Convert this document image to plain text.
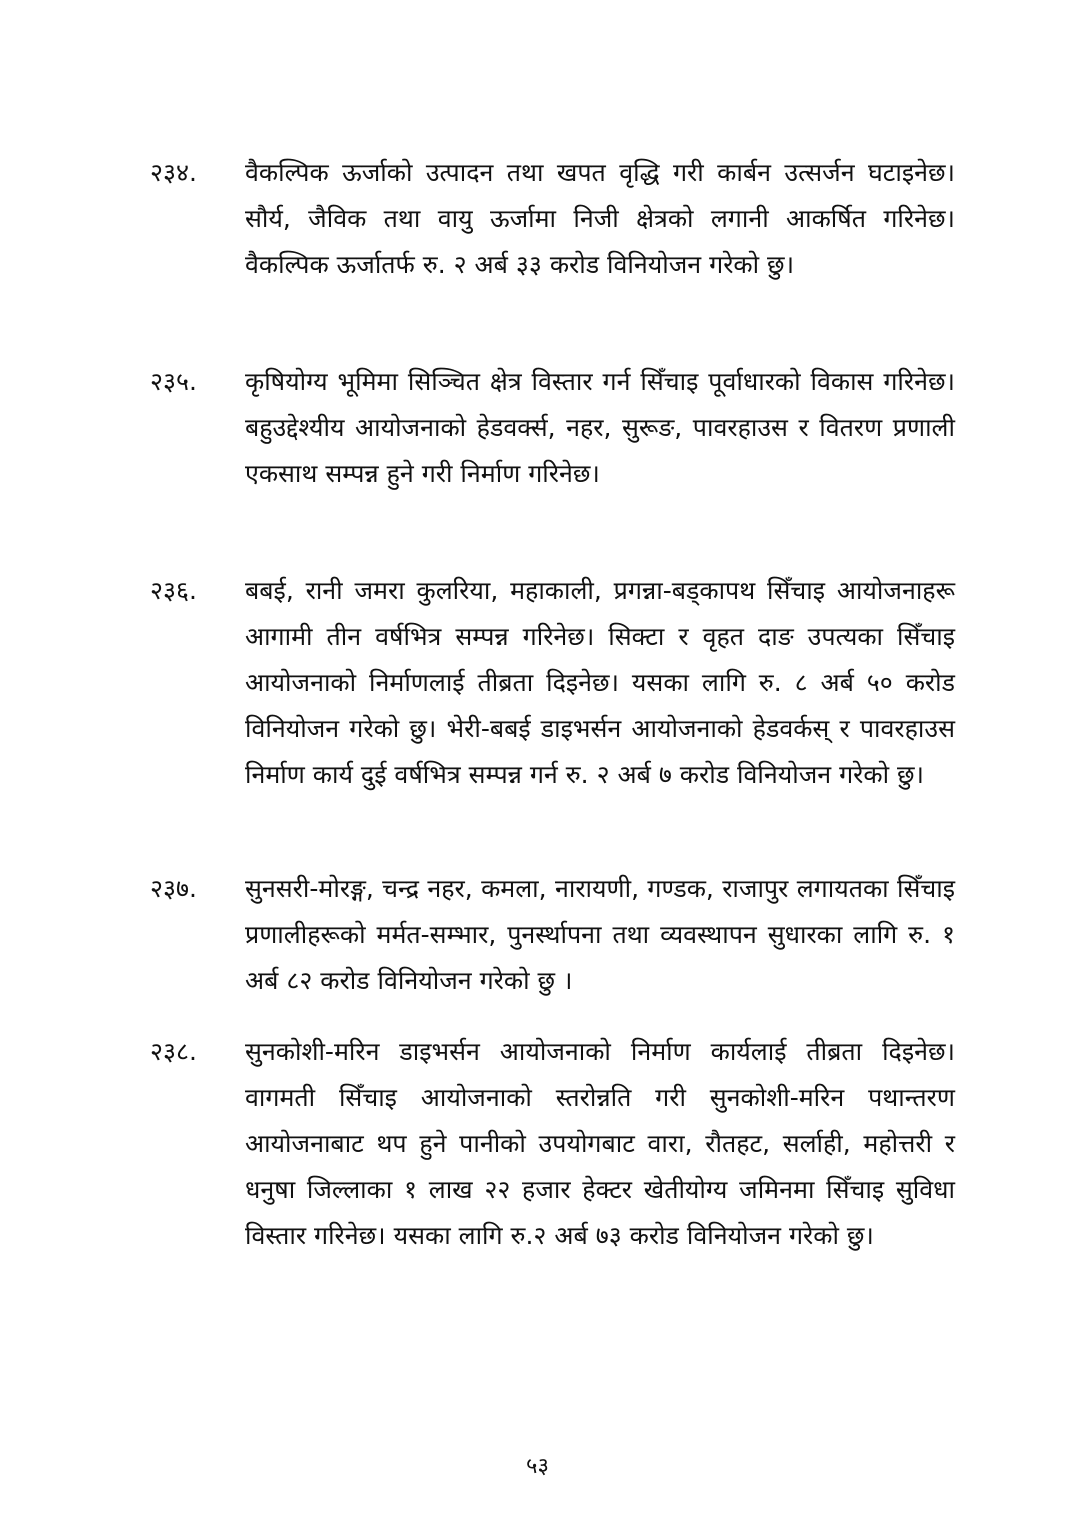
२३४.	वैकल्पिक ऊर्जाको उत्पादन तथा खपत वृद्धि गरी कार्बन उत्सर्जन घटाइनेछ। सौर्य, जैविक तथा वायु ऊर्जामा निजी क्षेत्रको लगानी आकर्षित गरिनेछ। वैकल्पिक ऊर्जातर्फ रु. २ अर्ब ३३ करोड विनियोजन गरेको छु।

२३५.	कृषियोग्य भूमिमा सिञ्चित क्षेत्र विस्तार गर्न सिँचाइ पूर्वाधारको विकास गरिनेछ। बहुउद्देश्यीय आयोजनाको हेडवर्क्स, नहर, सुरूङ, पावरहाउस र वितरण प्रणाली एकसाथ सम्पन्न हुने गरी निर्माण गरिनेछ।

२३६.	बबई, रानी जमरा कुलरिया, महाकाली, प्रगन्ना-बड्कापथ सिँचाइ आयोजनाहरू आगामी तीन वर्षभित्र सम्पन्न गरिनेछ। सिक्टा र वृहत दाङ उपत्यका सिँचाइ आयोजनाको निर्माणलाई तीब्रता दिइनेछ। यसका लागि रु. ८ अर्ब ५० करोड विनियोजन गरेको छु। भेरी-बबई डाइभर्सन आयोजनाको हेडवर्कस् र पावरहाउस निर्माण कार्य दुई वर्षभित्र सम्पन्न गर्न रु. २ अर्ब ७ करोड विनियोजन गरेको छु।

२३७.	सुनसरी-मोरङ्ग, चन्द्र नहर, कमला, नारायणी, गण्डक, राजापुर लगायतका सिँचाइ प्रणालीहरूको मर्मत-सम्भार, पुनर्स्थापना तथा व्यवस्थापन सुधारका लागि रु. १ अर्ब ८२ करोड विनियोजन गरेको छु ।

२३८.	सुनकोशी-मरिन डाइभर्सन आयोजनाको निर्माण कार्यलाई तीब्रता दिइनेछ। वागमती सिँचाइ आयोजनाको स्तरोन्नति गरी सुनकोशी-मरिन पथान्तरण आयोजनाबाट थप हुने पानीको उपयोगबाट वारा, रौतहट, सर्लाही, महोत्तरी र धनुषा जिल्लाका १ लाख २२ हजार हेक्टर खेतीयोग्य जमिनमा सिँचाइ सुविधा विस्तार गरिनेछ। यसका लागि रु.२ अर्ब ७३ करोड विनियोजन गरेको छु।

५३
